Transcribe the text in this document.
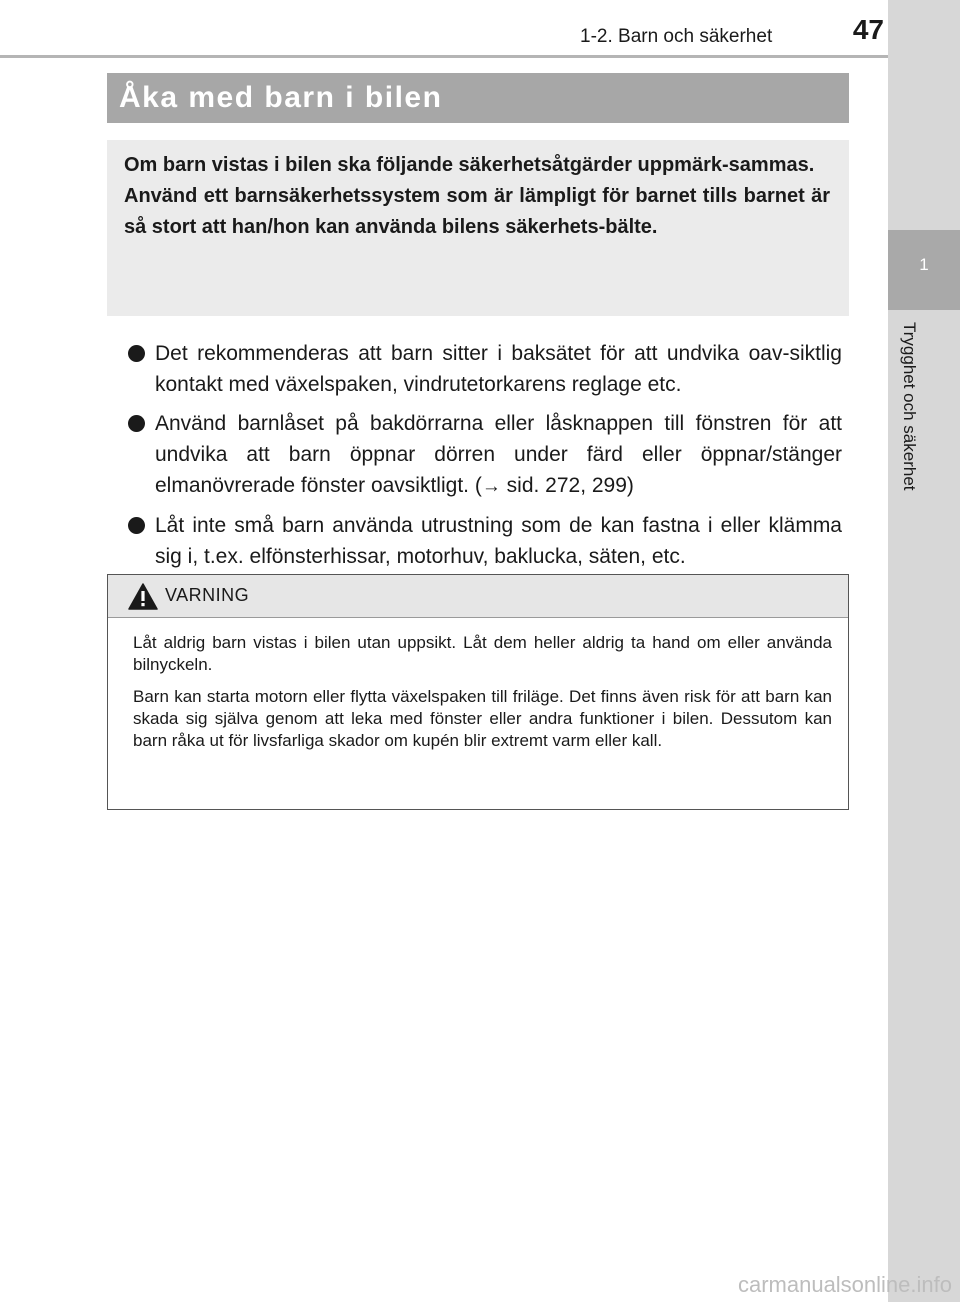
1-2. Barn och säkerhet	47
1
Trygghet och säkerhet
Åka med barn i bilen

Om barn vistas i bilen ska följande säkerhetsåtgärder uppmärk-sammas.
Använd ett barnsäkerhetssystem som är lämpligt för barnet tills barnet är så stort att han/hon kan använda bilens säkerhets-bälte.

Det rekommenderas att barn sitter i baksätet för att undvika oav-siktlig kontakt med växelspaken, vindrutetorkarens reglage etc.
Använd barnlåset på bakdörrarna eller låsknappen till fönstren för att undvika att barn öppnar dörren under färd eller öppnar/stänger elmanövrerade fönster oavsiktligt. (→ sid. 272, 299)
Låt inte små barn använda utrustning som de kan fastna i eller klämma sig i, t.ex. elfönsterhissar, motorhuv, baklucka, säten, etc.
VARNING

Låt aldrig barn vistas i bilen utan uppsikt. Låt dem heller aldrig ta hand om eller använda bilnyckeln.

Barn kan starta motorn eller flytta växelspaken till friläge. Det finns även risk för att barn kan skada sig själva genom att leka med fönster eller andra funktioner i bilen. Dessutom kan barn råka ut för livsfarliga skador om kupén blir extremt varm eller kall.

carmanualsonline.info
